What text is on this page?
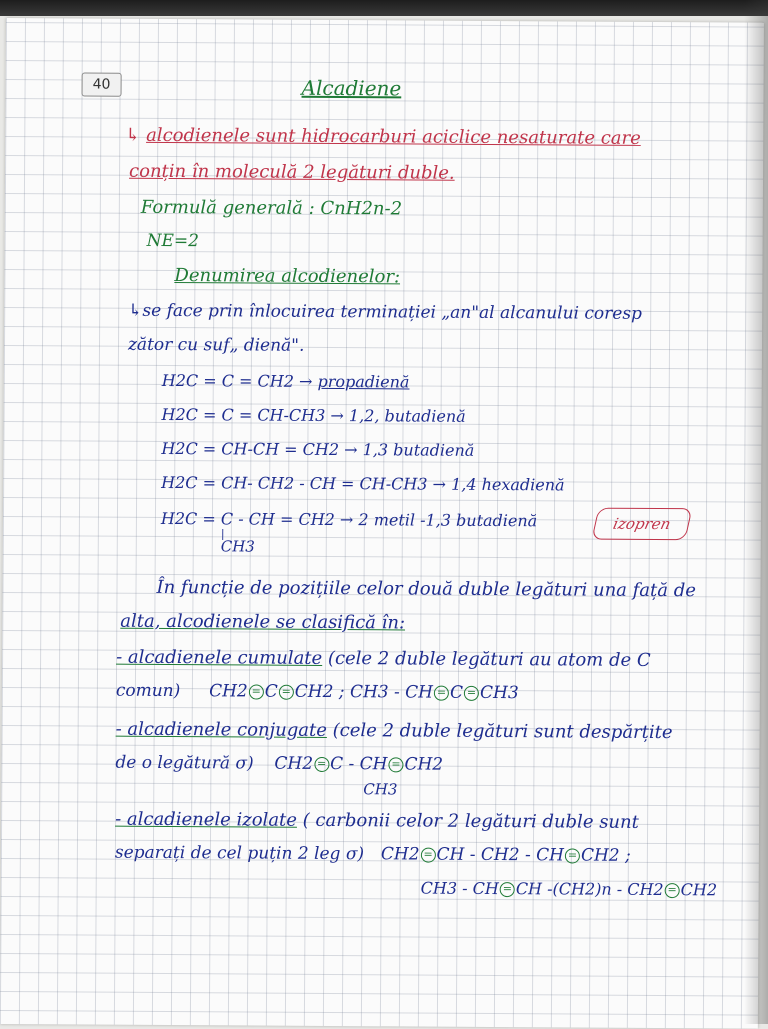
40	Alcadiene
↳ alcodienele sunt hidrocarburi aciclice nesaturate care
conțin în moleculă 2 legături duble.
Formulă generală : CnH2n-2
NE=2
Denumirea alcodienelor:
↳se face prin înlocuirea terminației „an"al alcanului coresp
zător cu suf„ dienă".
H2C = C = CH2 → propadienă
H2C = C = CH-CH3 → 1,2, butadienă
H2C = CH-CH = CH2 → 1,3 butadienă
H2C = CH- CH2 - CH = CH-CH3 → 1,4 hexadienă
H2C = C - CH = CH2 → 2 metil -1,3 butadienă
|
CH3
izopren
În funcție de pozițiile celor două duble legături una față de
alta, alcodienele se clasifică în:
- alcadienele cumulate (cele 2 duble legături au atom de C
comun) CH2 = C = CH2 ; CH3 - CH = C = CH3
- alcadienele conjugate (cele 2 duble legături sunt despărțite
de o legătură σ) CH2 = C - CH = CH2
CH3
- alcadienele izolate ( carbonii celor 2 legături duble sunt
separați de cel puțin 2 leg σ) CH2 = CH - CH2 - CH = CH2 ;
CH3 - CH = CH -(CH2)n - CH2 = CH2
